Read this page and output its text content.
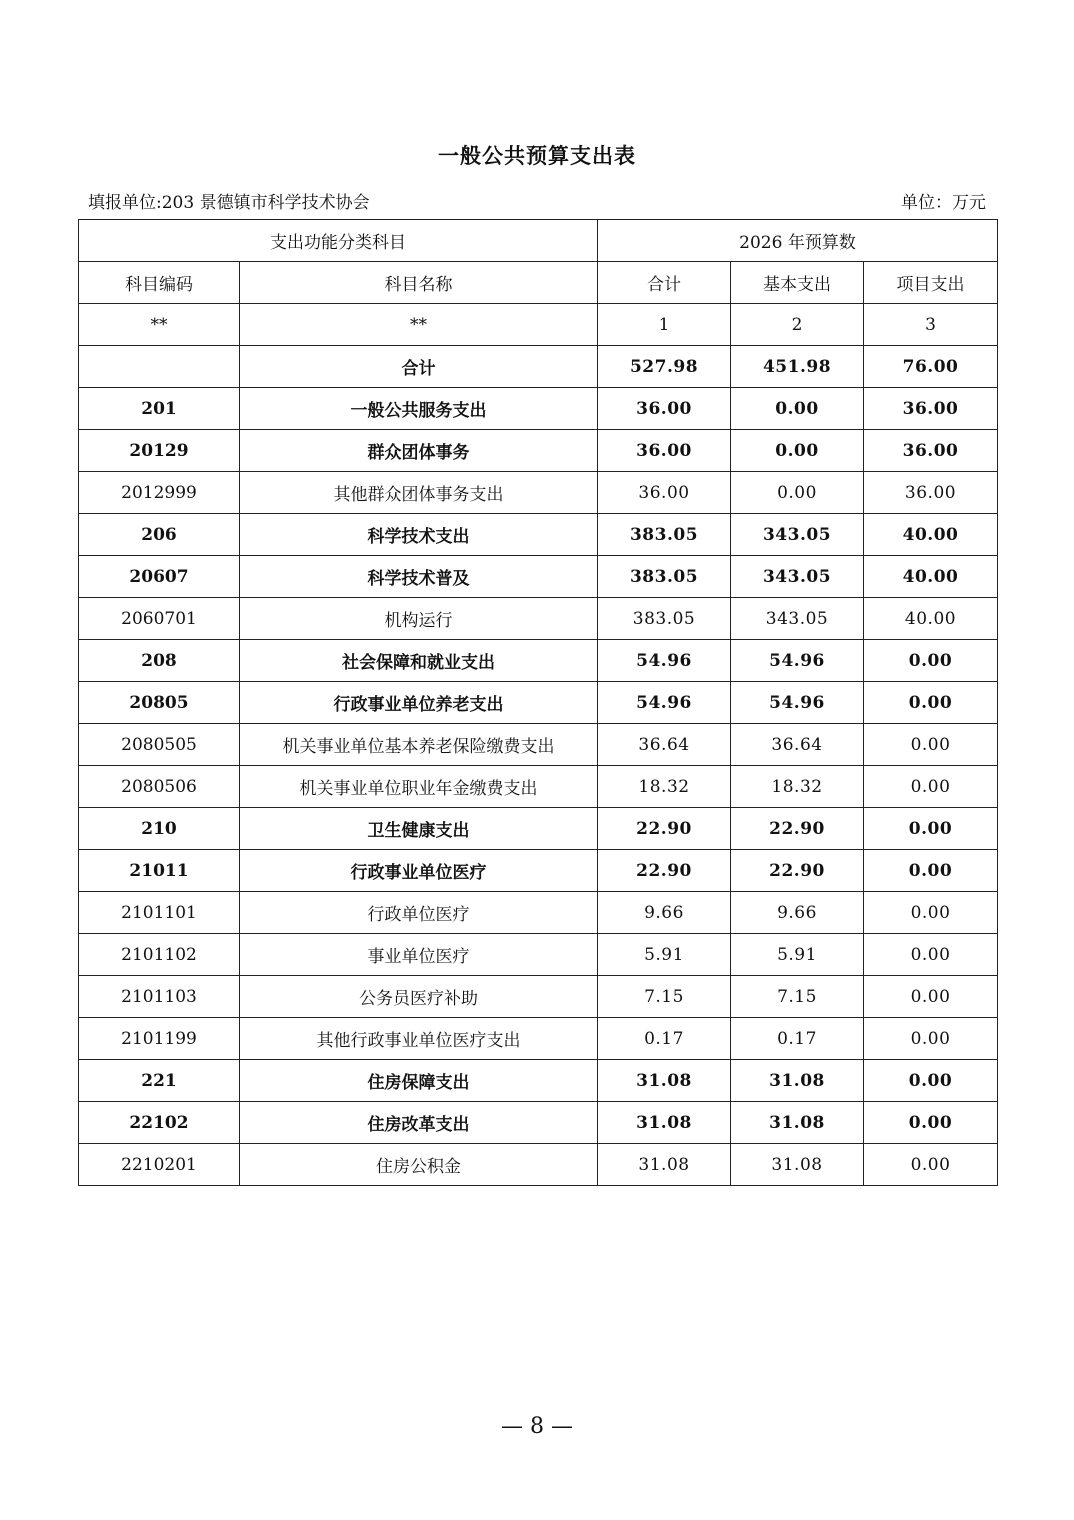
一般公共预算支出表
填报单位:203 景德镇市科学技术协会	单位：万元
支出功能分类科目		2026 年预算数		
科目编码	科目名称	合计	基本支出	项目支出
**	**	1	2	3
	合计	527.98	451.98	76.00
201	一般公共服务支出	36.00	0.00	36.00
20129	群众团体事务	36.00	0.00	36.00
2012999	其他群众团体事务支出	36.00	0.00	36.00
206	科学技术支出	383.05	343.05	40.00
20607	科学技术普及	383.05	343.05	40.00
2060701	机构运行	383.05	343.05	40.00
208	社会保障和就业支出	54.96	54.96	0.00
20805	行政事业单位养老支出	54.96	54.96	0.00
2080505	机关事业单位基本养老保险缴费支出	36.64	36.64	0.00
2080506	机关事业单位职业年金缴费支出	18.32	18.32	0.00
210	卫生健康支出	22.90	22.90	0.00
21011	行政事业单位医疗	22.90	22.90	0.00
2101101	行政单位医疗	9.66	9.66	0.00
2101102	事业单位医疗	5.91	5.91	0.00
2101103	公务员医疗补助	7.15	7.15	0.00
2101199	其他行政事业单位医疗支出	0.17	0.17	0.00
221	住房保障支出	31.08	31.08	0.00
22102	住房改革支出	31.08	31.08	0.00
2210201	住房公积金	31.08	31.08	0.00
— 8 —
